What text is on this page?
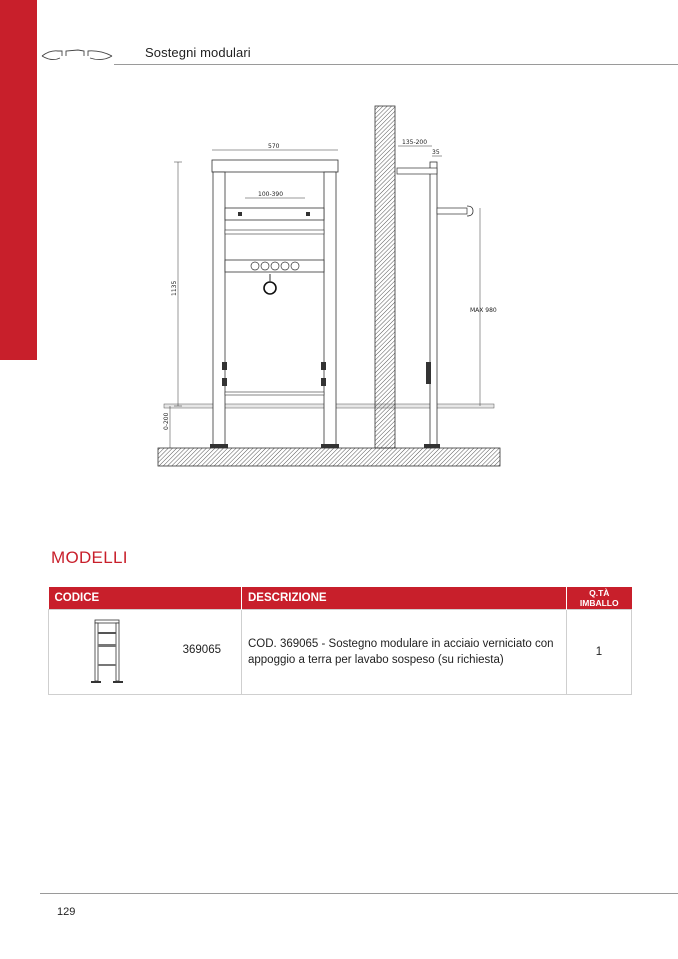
Sostegni modulari
570
100-390
1135
0-200
135-200
35
MAX 980
MODELLI
CODICE	DESCRIZIONE	Q.TÀ
IMBALLO

369065	COD. 369065 - Sostegno modulare in acciaio verniciato con appoggio a terra per lavabo sospeso (su richiesta)	1
129
